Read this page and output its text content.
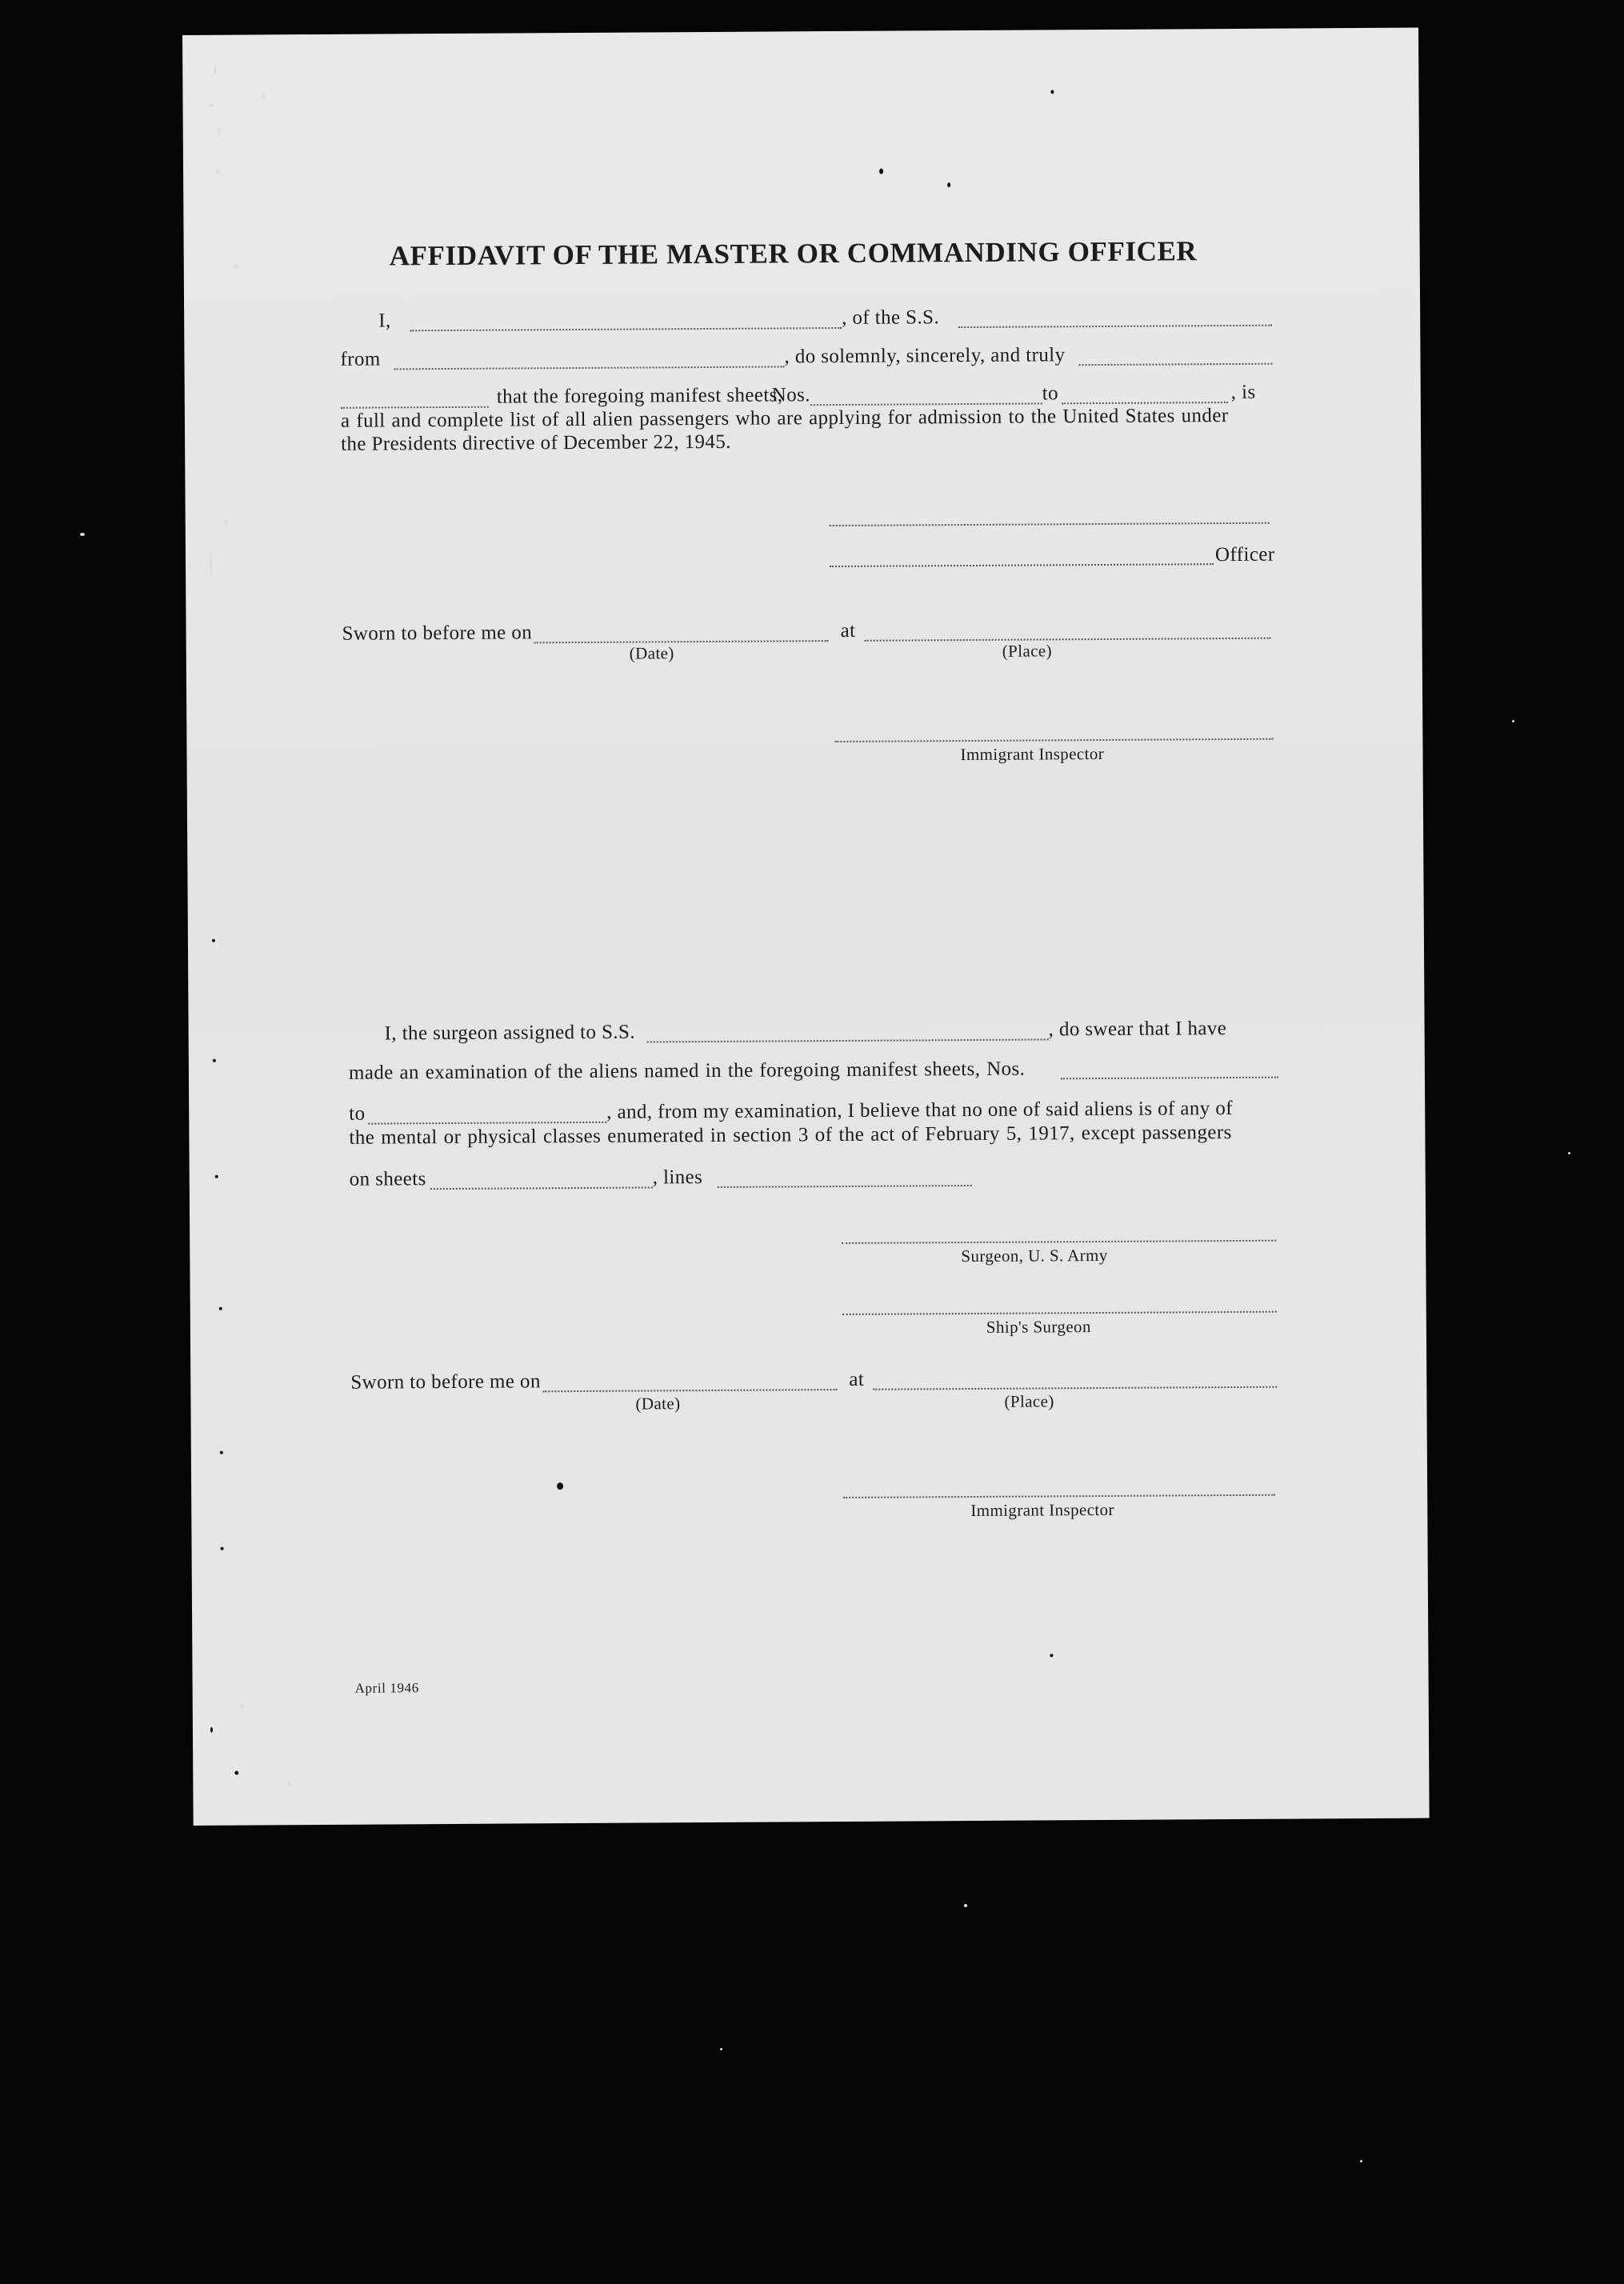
AFFIDAVIT OF THE MASTER OR COMMANDING OFFICER
I,	, of the S.S.
from	, do solemnly, sincerely, and truly
that the foregoing manifest sheets,
Nos.	to	, is
a full and complete list of all alien passengers who are applying for admission to the United States under
the Presidents directive of December 22, 1945.
Officer
Sworn to before me on	at
(Date)	(Place)
Immigrant Inspector
I, the surgeon assigned to S.S.	, do swear that I have
made an examination of the aliens named in the foregoing manifest sheets, Nos.
to	, and, from my examination, I believe that no one of said aliens is of any of
the mental or physical classes enumerated in section 3 of the act of February 5, 1917, except passengers
on sheets	, lines
Surgeon, U. S. Army
Ship's Surgeon
Sworn to before me on	at
(Date)	(Place)
Immigrant Inspector
April 1946
